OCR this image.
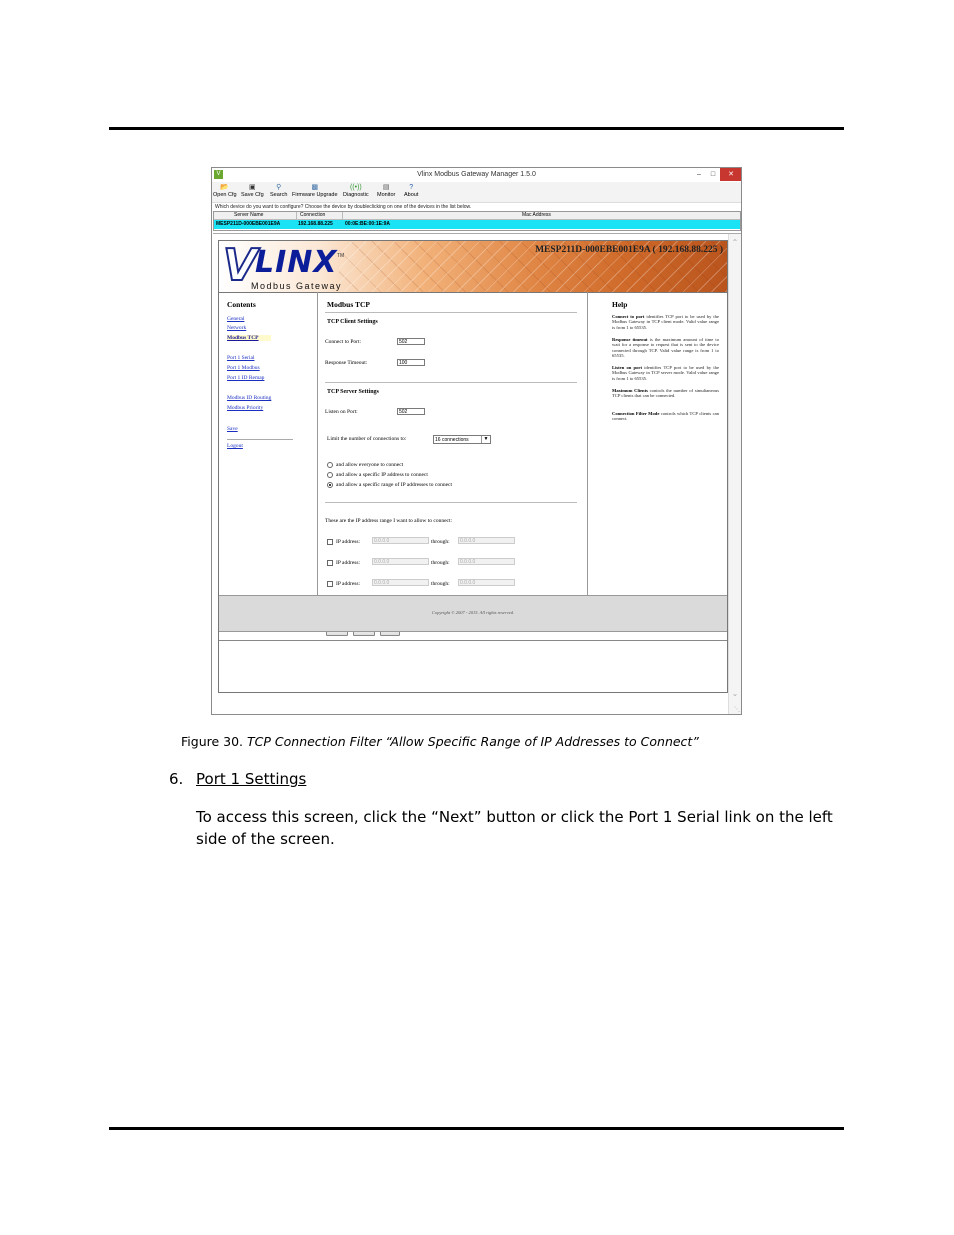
V	Vlinx Modbus Gateway Manager 1.5.0	–	□	✕
📂
Open Cfg
▣
Save Cfg
⚲
Search
▩
Firmware Upgrade
((•))
Diagnostic
▤
Monitor
?
About
Which device do you want to configure? Choose the device by doubleclicking on one of the devices in the list below.
Server Name	Connection	Mac Address
MESP211D-000EBE001E9A	192.168.88.225 00:0E:BE:00:1E:9A
V
LINX TM
Modbus Gateway
MESP211D-000EBE001E9A ( 192.168.88.225 )
Contents
General
Network
Modbus TCP
Port 1 Serial
Port 1 Modbus
Port 1 ID Remap
Modbus ID Routing
Modbus Priority
Save
Logout
Modbus TCP
TCP Client Settings
Connect to Port:	502
Response Timeout:	100
TCP Server Settings
Listen on Port:	502
Limit the number of connections to:	16 connections	▼
and allow everyone to connect
and allow a specific IP address to connect
and allow a specific range of IP addresses to connect
These are the IP address range I want to allow to connect:
IP address:	0.0.0.0	through:	0.0.0.0
IP address:	0.0.0.0	through:	0.0.0.0
IP address:	0.0.0.0	through:	0.0.0.0
Help
Connect to port identifies TCP port to be used by the Modbus Gateway in TCP client mode. Valid value range is from 1 to 65535.
Response timeout is the maximum amount of time to wait for a response to request that is sent to the device connected through TCP. Valid value range is from 1 to 65535.
Listen on port identifies TCP port to be used by the Modbus Gateway in TCP server mode. Valid value range is from 1 to 65535.
Maximum Clients controls the number of simultaneous TCP clients that can be connected.
Connection Filter Mode controls which TCP clients can connect.
Copyright © 2007 - 2015. All rights reserved.
⌃
⌄
⋱
Figure 30. TCP Connection Filter “Allow Specific Range of IP Addresses to Connect”
6. Port 1 Settings
To access this screen, click the “Next” button or click the Port 1 Serial link on the left side of the screen.
